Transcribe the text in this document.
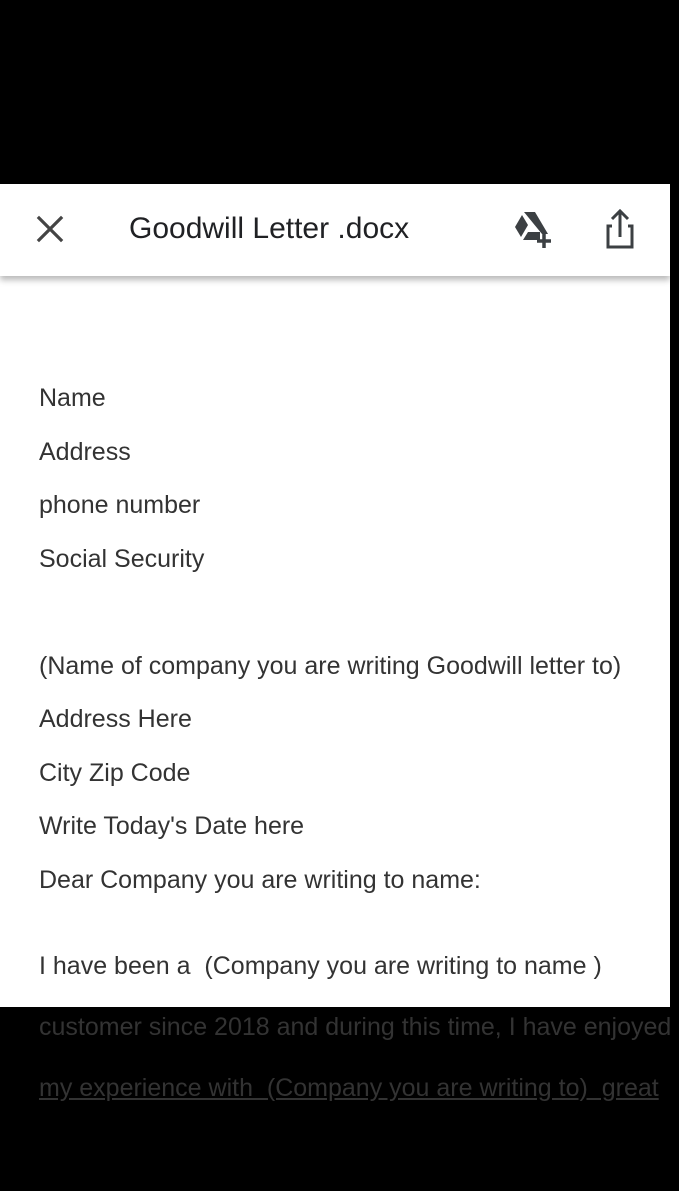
Goodwill Letter .docx
Name
Address
phone number
Social Security
(Name of company you are writing Goodwill letter to)
Address Here
City Zip Code
Write Today's Date here
Dear Company you are writing to name:

I have been a  (Company you are writing to name )

customer since 2018 and during this time, I have enjoyed

my experience with  (Company you are writing to)  great
